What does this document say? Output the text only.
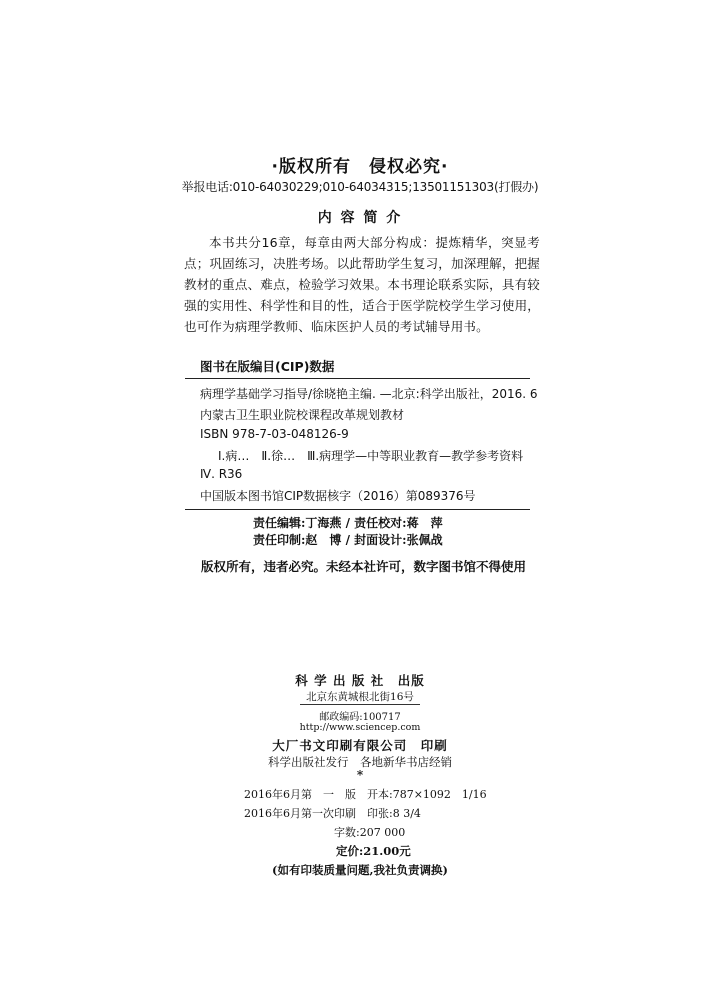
·版权所有　侵权必究·
举报电话:010-64030229;010-64034315;13501151303(打假办)
内 容 简 介
本书共分16章，每章由两大部分构成：提炼精华，突显考点；巩固练习，决胜考场。以此帮助学生复习，加深理解，把握教材的重点、难点，检验学习效果。本书理论联系实际，具有较强的实用性、科学性和目的性，适合于医学院校学生学习使用，也可作为病理学教师、临床医护人员的考试辅导用书。
图书在版编目(CIP)数据
病理学基础学习指导/徐晓艳主编. —北京:科学出版社，2016. 6
内蒙古卫生职业院校课程改革规划教材
ISBN 978-7-03-048126-9
Ⅰ.病…　Ⅱ.徐…　Ⅲ.病理学—中等职业教育—教学参考资料
Ⅳ. R36
中国版本图书馆CIP数据核字（2016）第089376号
责任编辑:丁海燕 / 责任校对:蒋　萍
责任印制:赵　博 / 封面设计:张佩战
版权所有，违者必究。未经本社许可，数字图书馆不得使用
科 学 出 版 社　出版
北京东黄城根北街16号
邮政编码:100717
http://www.sciencep.com
大厂书文印刷有限公司　印刷
科学出版社发行　各地新华书店经销
*
2016年6月第　一　版　开本:787×1092　1/16
2016年6月第一次印刷　印张:8 3/4
字数:207 000
定价:21.00元
(如有印装质量问题,我社负责调换)
